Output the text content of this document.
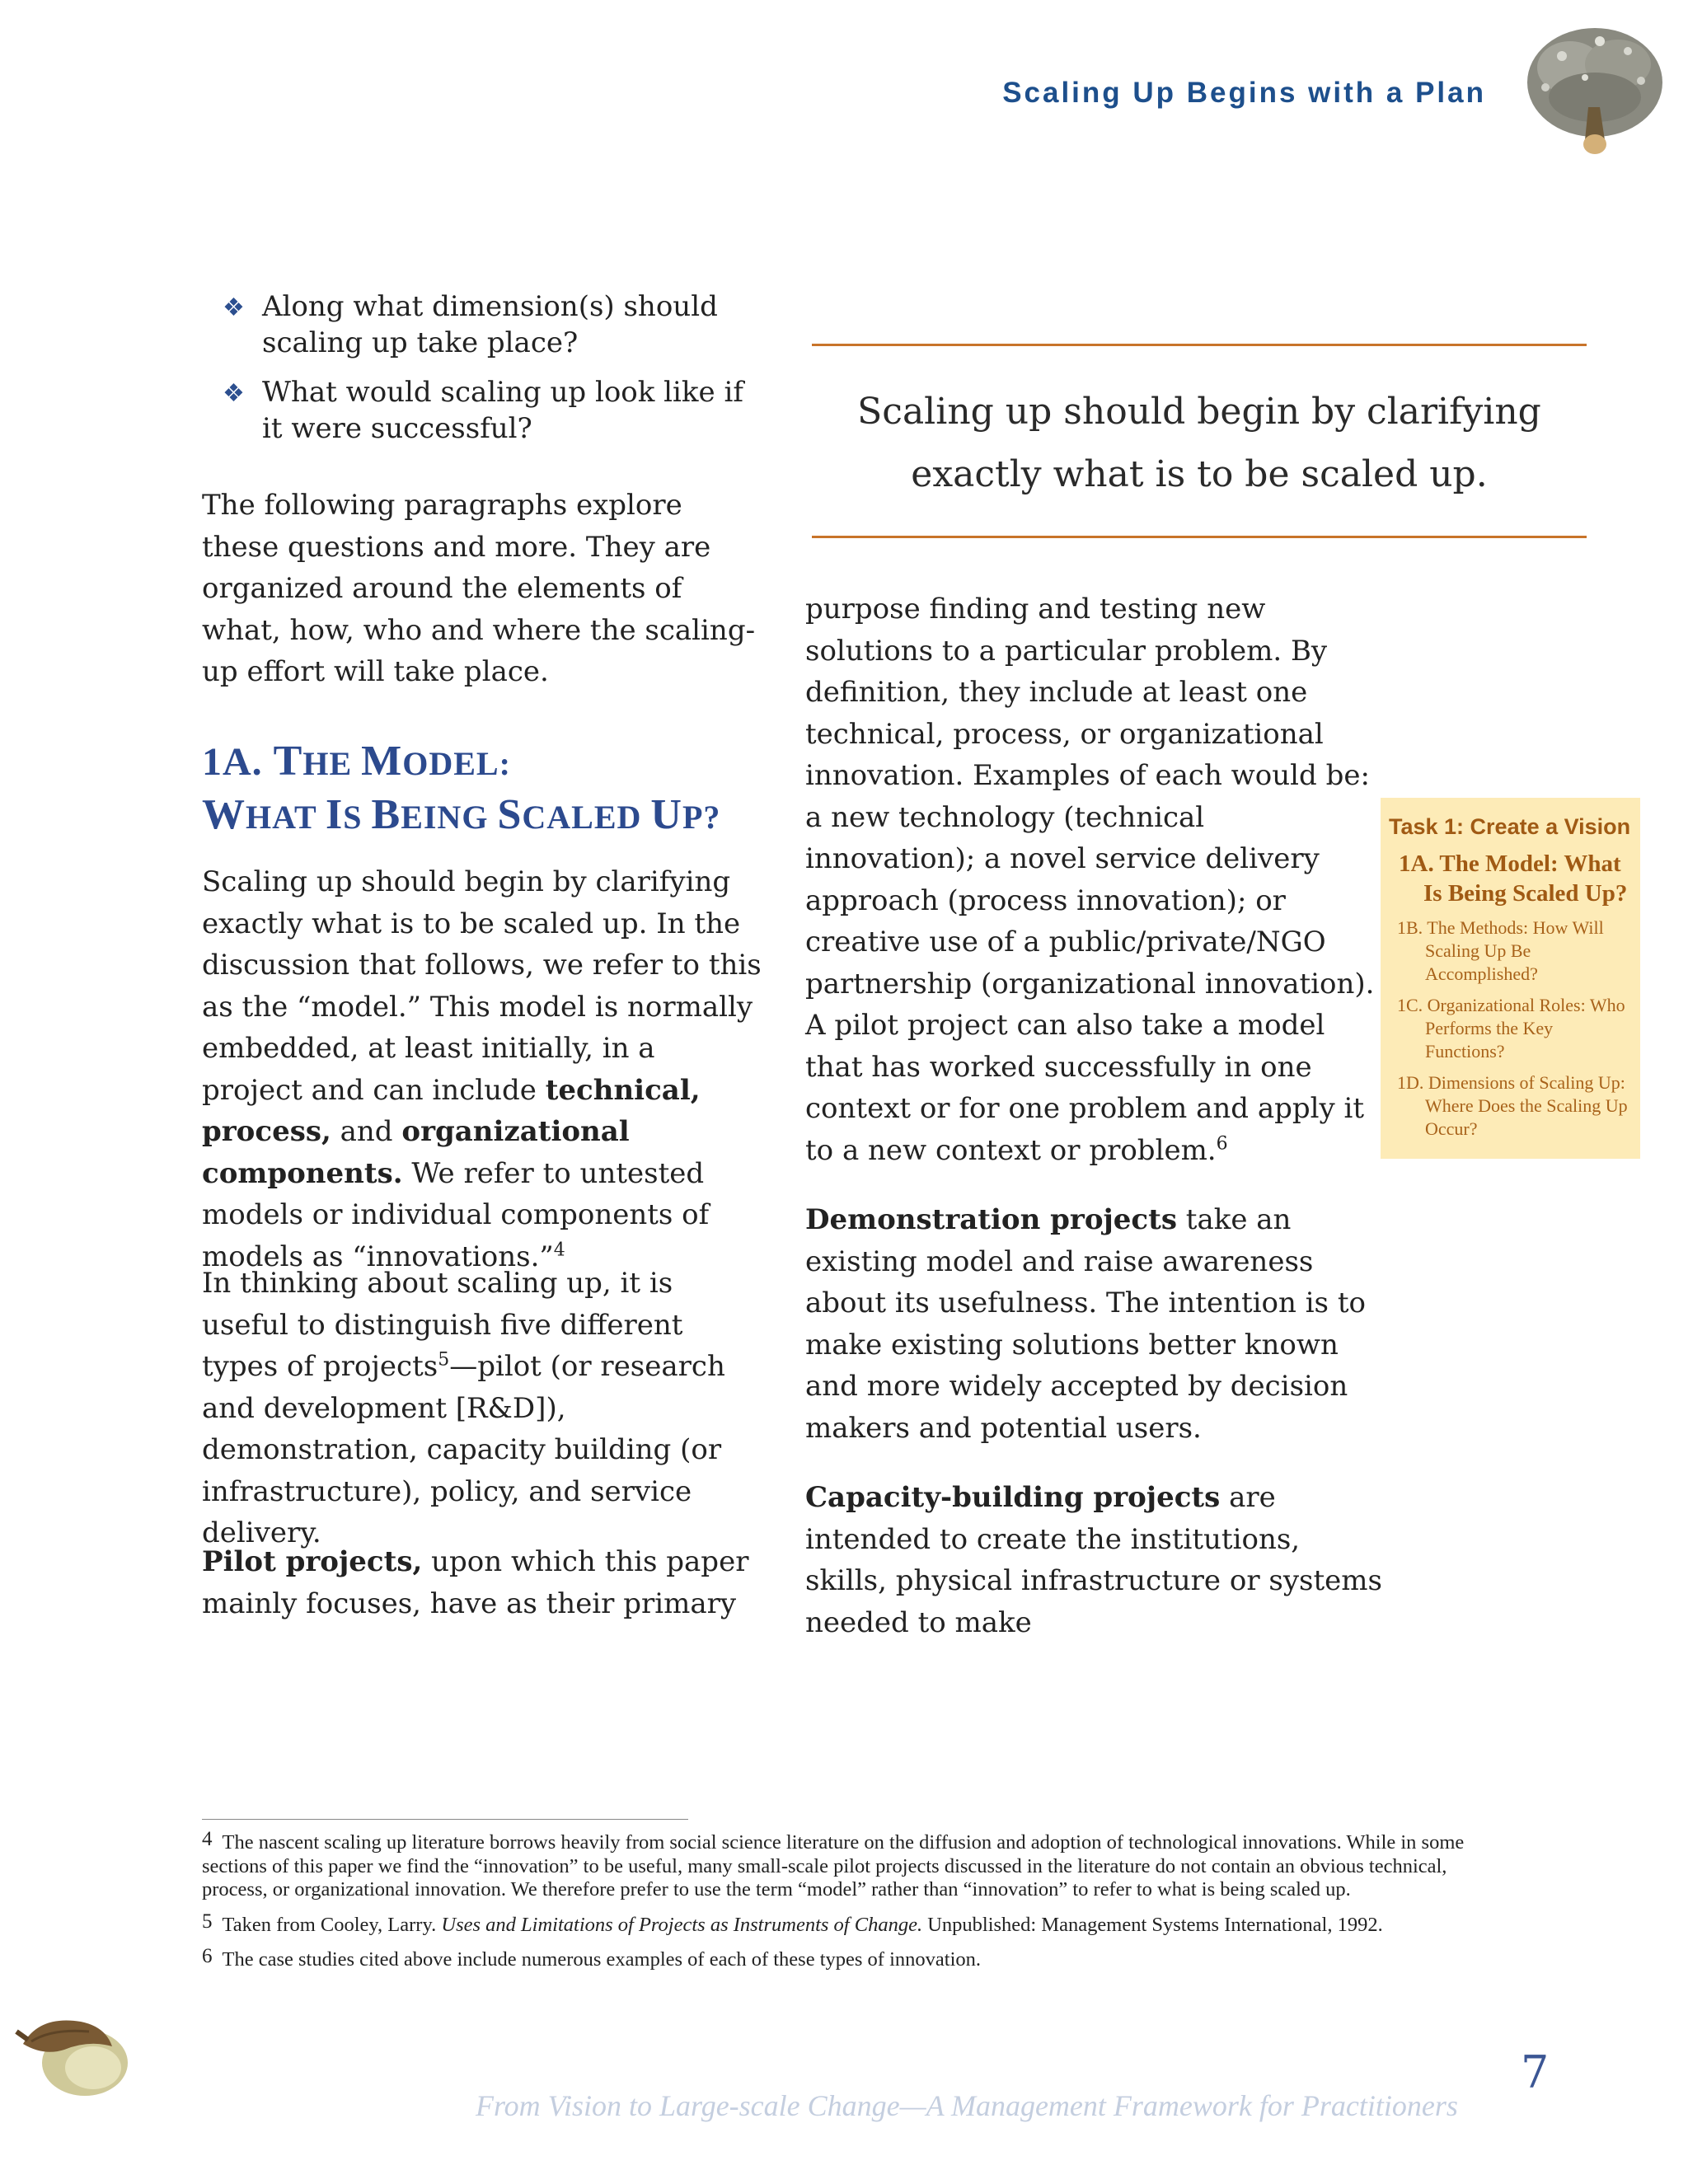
Scaling Up Begins with a Plan
❖ Along what dimension(s) should scaling up take place?
❖ What would scaling up look like if it were successful?

The following paragraphs explore these questions and more. They are organized around the elements of what, how, who and where the scaling-up effort will take place.

1A. THE MODEL:
WHAT IS BEING SCALED UP?

Scaling up should begin by clarifying exactly what is to be scaled up. In the discussion that follows, we refer to this as the “model.” This model is normally embedded, at least initially, in a project and can include technical, process, and organizational components. We refer to untested models or individual components of models as “innovations.”$^4$

In thinking about scaling up, it is useful to distinguish five different types of projects$^5$—pilot (or research and development [R&D]), demonstration, capacity building (or infrastructure), policy, and service delivery.

Pilot projects, upon which this paper mainly focuses, have as their primary

Scaling up should begin by clarifying exactly what is to be scaled up.

purpose finding and testing new solutions to a particular problem. By definition, they include at least one technical, process, or organizational innovation. Examples of each would be: a new technology (technical innovation); a novel service delivery approach (process innovation); or creative use of a public/private/NGO partnership (organizational innovation). A pilot project can also take a model that has worked successfully in one context or for one problem and apply it to a new context or problem.$^6$

Demonstration projects take an existing model and raise awareness about its usefulness. The intention is to make existing solutions better known and more widely accepted by decision makers and potential users.

Capacity-building projects are intended to create the institutions, skills, physical infrastructure or systems needed to make

Task 1: Create a Vision
1A. The Model: What Is Being Scaled Up?
1B. The Methods: How Will Scaling Up Be Accomplished?
1C. Organizational Roles: Who Performs the Key Functions?
1D. Dimensions of Scaling Up: Where Does the Scaling Up Occur?
4 The nascent scaling up literature borrows heavily from social science literature on the diffusion and adoption of technological innovations. While in some sections of this paper we find the “innovation” to be useful, many small-scale pilot projects discussed in the literature do not contain an obvious technical, process, or organizational innovation. We therefore prefer to use the term “model” rather than “innovation” to refer to what is being scaled up.
5 Taken from Cooley, Larry. Uses and Limitations of Projects as Instruments of Change. Unpublished: Management Systems International, 1992.
6 The case studies cited above include numerous examples of each of these types of innovation.
From Vision to Large-scale Change—A Management Framework for Practitioners
7
